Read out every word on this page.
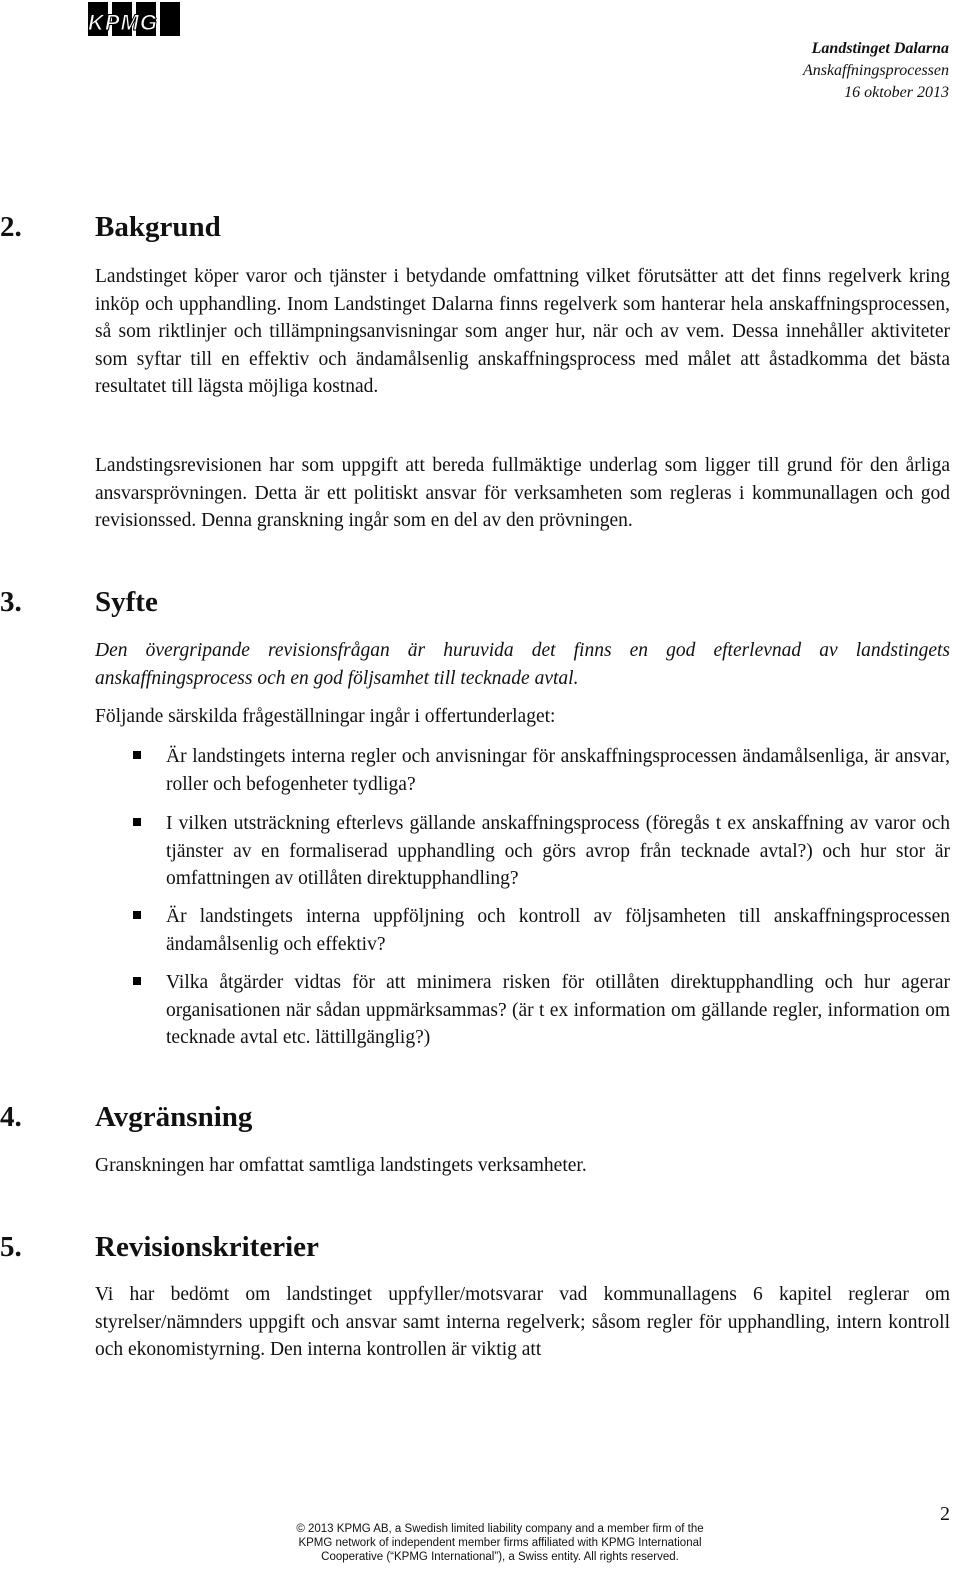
KPMG
Landstinget Dalarna
Anskaffningsprocessen
16 oktober 2013
2.	Bakgrund
Landstinget köper varor och tjänster i betydande omfattning vilket förutsätter att det finns regelverk kring inköp och upphandling. Inom Landstinget Dalarna finns regelverk som hanterar hela anskaffningsprocessen, så som riktlinjer och tillämpningsanvisningar som anger hur, när och av vem. Dessa innehåller aktiviteter som syftar till en effektiv och ändamålsenlig anskaffningsprocess med målet att åstadkomma det bästa resultatet till lägsta möjliga kostnad.
Landstingsrevisionen har som uppgift att bereda fullmäktige underlag som ligger till grund för den årliga ansvarsprövningen. Detta är ett politiskt ansvar för verksamheten som regleras i kommunallagen och god revisionssed. Denna granskning ingår som en del av den prövningen.
3.	Syfte
Den övergripande revisionsfrågan är huruvida det finns en god efterlevnad av landstingets anskaffningsprocess och en god följsamhet till tecknade avtal.
Följande särskilda frågeställningar ingår i offertunderlaget:
Är landstingets interna regler och anvisningar för anskaffningsprocessen ändamålsenliga, är ansvar, roller och befogenheter tydliga?
I vilken utsträckning efterlevs gällande anskaffningsprocess (föregås t ex anskaffning av varor och tjänster av en formaliserad upphandling och görs avrop från tecknade avtal?) och hur stor är omfattningen av otillåten direktupphandling?
Är landstingets interna uppföljning och kontroll av följsamheten till anskaffningsprocessen ändamålsenlig och effektiv?
Vilka åtgärder vidtas för att minimera risken för otillåten direktupphandling och hur agerar organisationen när sådan uppmärksammas? (är t ex information om gällande regler, information om tecknade avtal etc. lättillgänglig?)
4.	Avgränsning
Granskningen har omfattat samtliga landstingets verksamheter.
5.	Revisionskriterier
Vi har bedömt om landstinget uppfyller/motsvarar vad kommunallagens 6 kapitel reglerar om styrelser/nämnders uppgift och ansvar samt interna regelverk; såsom regler för upphandling, intern kontroll och ekonomistyrning. Den interna kontrollen är viktig att
2
© 2013 KPMG AB, a Swedish limited liability company and a member firm of the
KPMG network of independent member firms affiliated with KPMG International
Cooperative (“KPMG International”), a Swiss entity. All rights reserved.
